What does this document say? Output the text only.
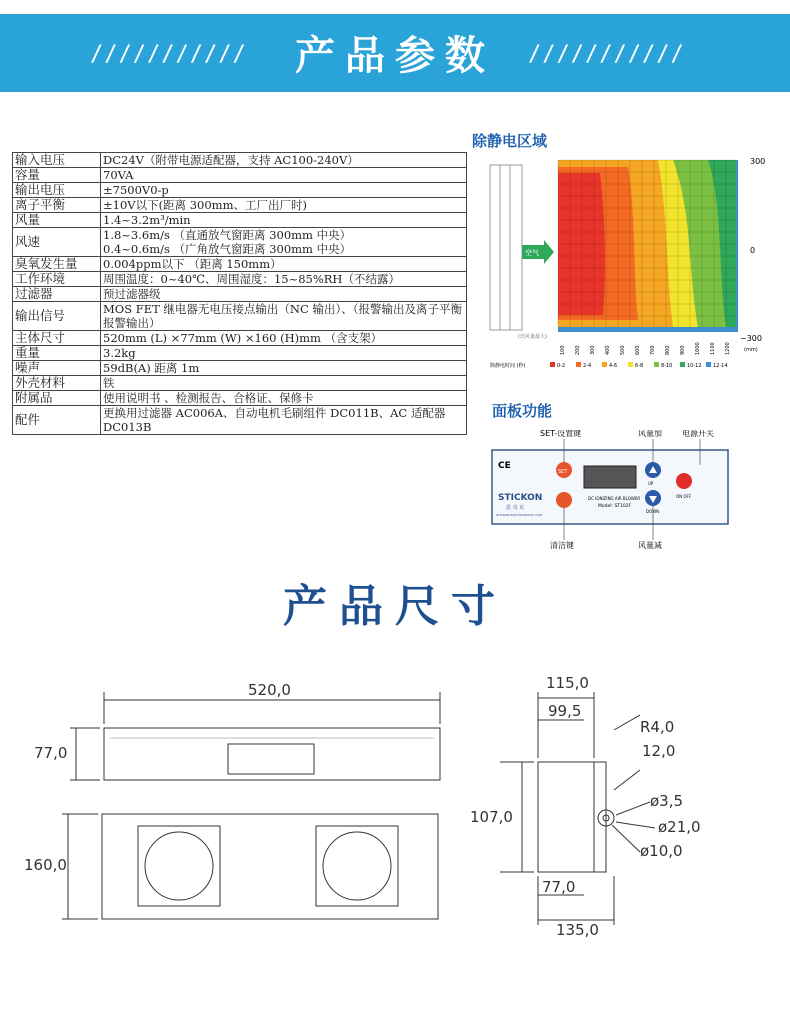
///////////	产品参数	///////////
输入电压	DC24V（附带电源适配器，支持 AC100-240V）

容量	70VA

输出电压	±7500V0-p

离子平衡	±10V以下(距离 300mm、工厂出厂时)

风量	1.4~3.2m³/min

风速	1.8~3.6m/s （直通放气窗距离 300mm 中央）
0.4~0.6m/s （广角放气窗距离 300mm 中央）

臭氧发生量	0.004ppm以下 （距离 150mm）

工作环境	周围温度：0~40℃、周围湿度：15~85%RH（不结露）

过滤器	预过滤器级

输出信号	MOS FET 继电器无电压接点输出（NC 输出）、（报警输出及离子平衡
报警输出）

主体尺寸	520mm (L) ×77mm (W) ×160 (H)mm （含支架）

重量	3.2kg

噪声	59dB(A) 距离 1m

外壳材料	铁

附属品	使用说明书 、检测报告、合格证、保修卡

配件	更换用过滤器 AC006A、自动电机毛刷组件 DC011B、AC 适配器 DC013B
除静电区域
空气
300
0
−300
(mm)
(出风量最大)
100 200 300 400 500 600 700 800 900 1000 1100 1200
除静电时间 (秒)	0-2	2-4	4-6	6-8	8-10	10-12 12-14
面板功能
SET-设置键	风量加	电源开关
CE
SET
UP
DOWN
ON OFF
STICKON
思 奇 克
STICKON ELECTROSTATIC.COM
DC IONIZING AIR BLOWER
Model: ST102F
清洁键	风量减
产品尺寸
520,0
77,0
160,0
115,0
99,5
R4,0
12,0
107,0
ø3,5
ø21,0
ø10,0
77,0
135,0
